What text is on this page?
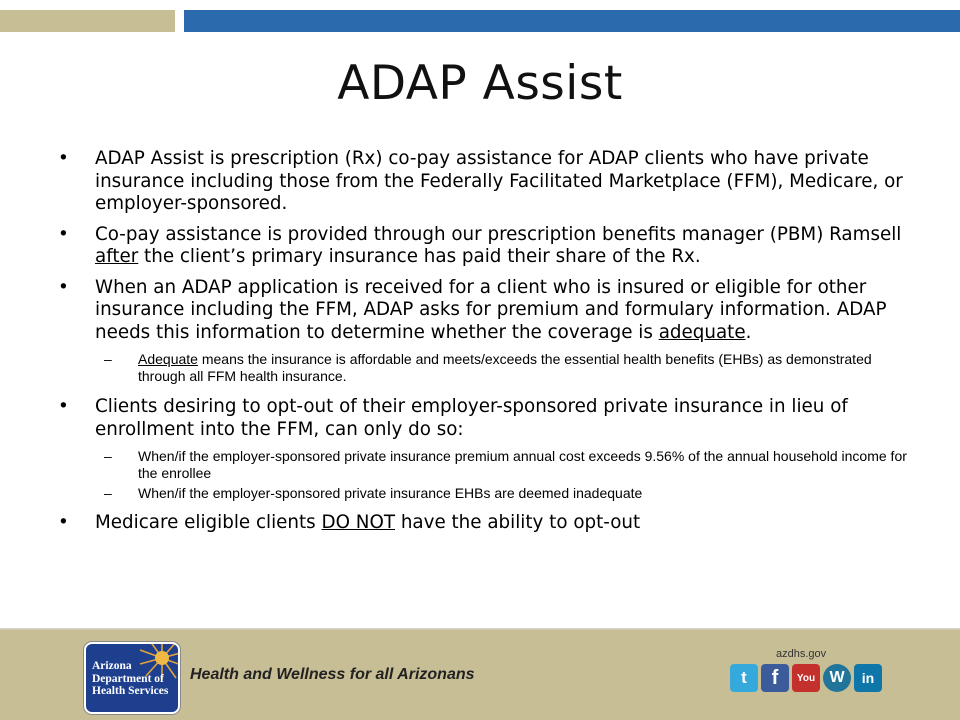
ADAP Assist
• ADAP Assist is prescription (Rx) co-pay assistance for ADAP clients who have private insurance including those from the Federally Facilitated Marketplace (FFM), Medicare, or employer-sponsored.
• Co-pay assistance is provided through our prescription benefits manager (PBM) Ramsell after the client’s primary insurance has paid their share of the Rx.
• When an ADAP application is received for a client who is insured or eligible for other insurance including the FFM, ADAP asks for premium and formulary information. ADAP needs this information to determine whether the coverage is adequate.
– Adequate means the insurance is affordable and meets/exceeds the essential health benefits (EHBs) as demonstrated through all FFM health insurance.
• Clients desiring to opt-out of their employer-sponsored private insurance in lieu of enrollment into the FFM, can only do so:
– When/if the employer-sponsored private insurance premium annual cost exceeds 9.56% of the annual household income for the enrollee
– When/if the employer-sponsored private insurance EHBs are deemed inadequate
• Medicare eligible clients DO NOT have the ability to opt-out
Arizona
Department of
Health Services
Health and Wellness for all Arizonans
azdhs.gov
t	f	You W	in
